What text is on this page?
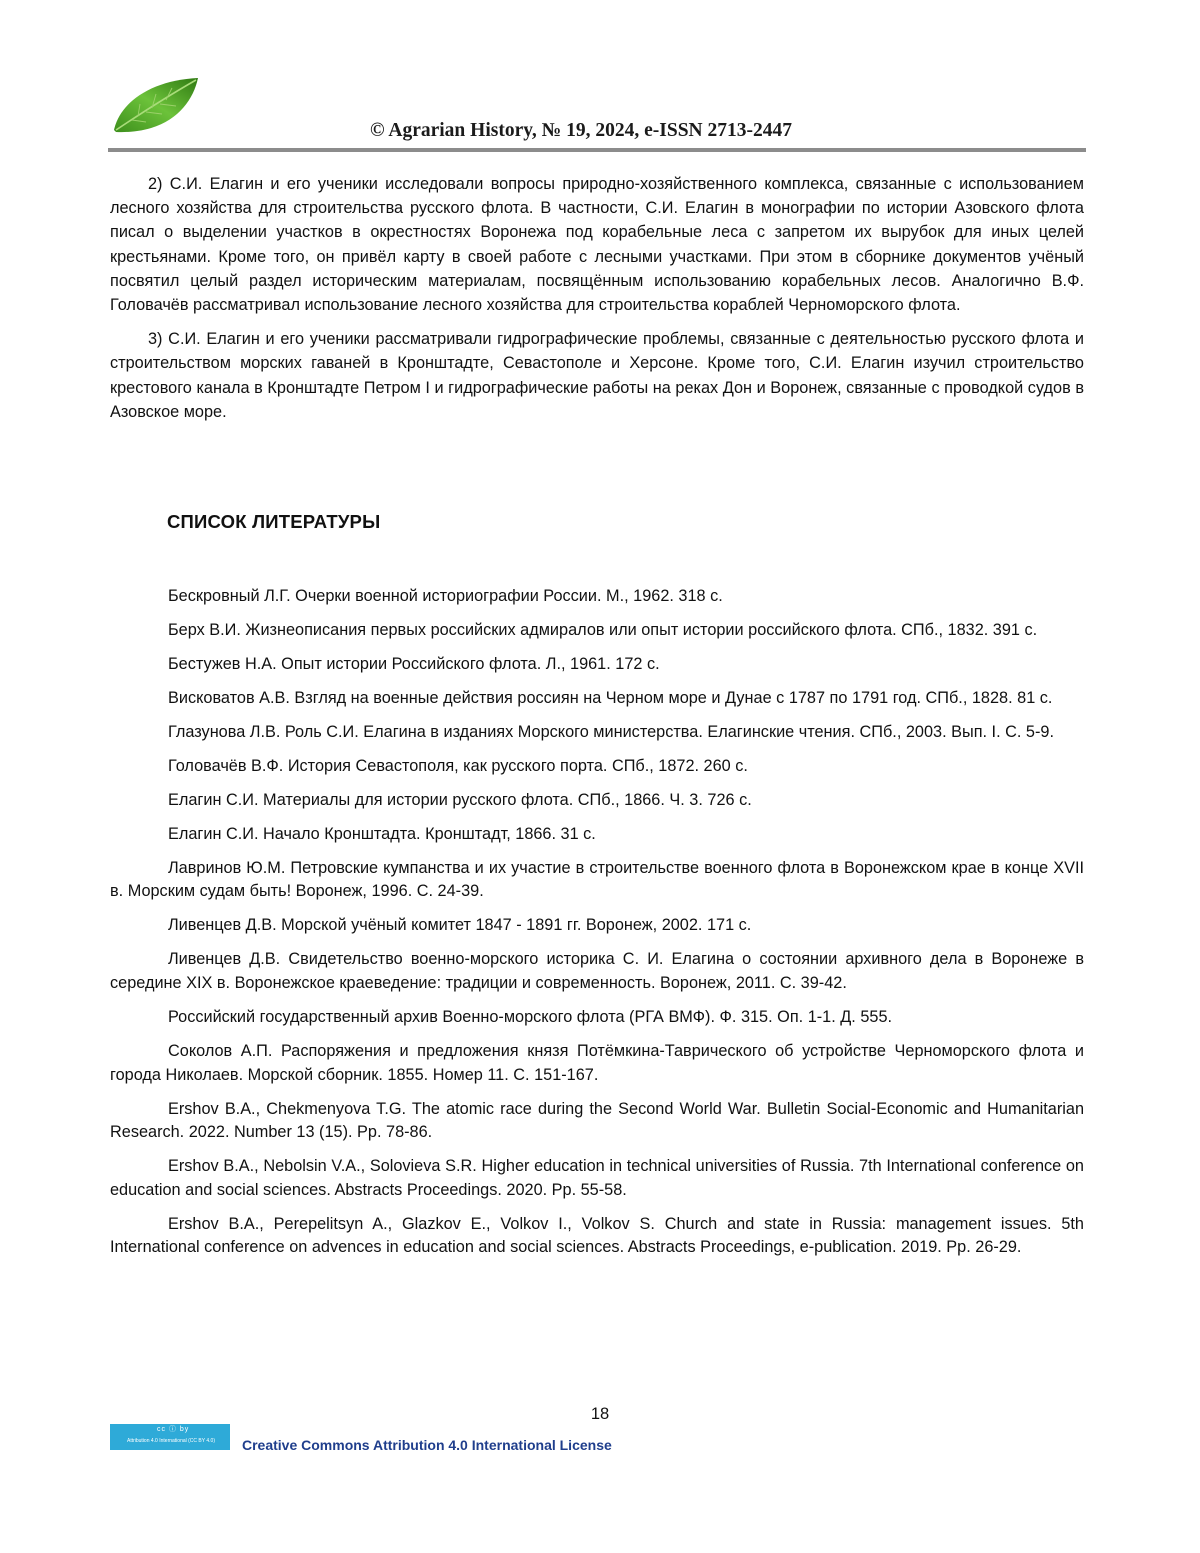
© Agrarian History, № 19, 2024, e-ISSN 2713-2447

2) С.И. Елагин и его ученики исследовали вопросы природно-хозяйственного комплекса, связанные с использованием лесного хозяйства для строительства русского флота. В частности, С.И. Елагин в монографии по истории Азовского флота писал о выделении участков в окрестностях Воронежа под корабельные леса с запретом их вырубок для иных целей крестьянами. Кроме того, он привёл карту в своей работе с лесными участками. При этом в сборнике документов учёный посвятил целый раздел историческим материалам, посвящённым использованию корабельных лесов. Аналогично В.Ф. Головачёв рассматривал использование лесного хозяйства для строительства кораблей Черноморского флота.

3) С.И. Елагин и его ученики рассматривали гидрографические проблемы, связанные с деятельностью русского флота и строительством морских гаваней в Кронштадте, Севастополе и Херсоне. Кроме того, С.И. Елагин изучил строительство крестового канала в Кронштадте Петром I и гидрографические работы на реках Дон и Воронеж, связанные с проводкой судов в Азовское море.

СПИСОК ЛИТЕРАТУРЫ

Бескровный Л.Г. Очерки военной историографии России. М., 1962. 318 с.

Берх В.И. Жизнеописания первых российских адмиралов или опыт истории российского флота. СПб., 1832. 391 с.

Бестужев Н.А. Опыт истории Российского флота. Л., 1961. 172 с.

Висковатов А.В. Взгляд на военные действия россиян на Черном море и Дунае с 1787 по 1791 год. СПб., 1828. 81 с.

Глазунова Л.В. Роль С.И. Елагина в изданиях Морского министерства. Елагинские чтения. СПб., 2003. Вып. I. С. 5-9.

Головачёв В.Ф. История Севастополя, как русского порта. СПб., 1872. 260 с.

Елагин С.И. Материалы для истории русского флота. СПб., 1866. Ч. 3. 726 с.

Елагин С.И. Начало Кронштадта. Кронштадт, 1866. 31 с.

Лавринов Ю.М. Петровские кумпанства и их участие в строительстве военного флота в Воронежском крае в конце XVII в. Морским судам быть! Воронеж, 1996. С. 24-39.

Ливенцев Д.В. Морской учёный комитет 1847 - 1891 гг. Воронеж, 2002. 171 с.

Ливенцев Д.В. Свидетельство военно-морского историка С. И. Елагина о состоянии архивного дела в Воронеже в середине XIX в. Воронежское краеведение: традиции и современность. Воронеж, 2011. С. 39-42.

Российский государственный архив Военно-морского флота (РГА ВМФ). Ф. 315. Оп. 1-1. Д. 555.

Соколов А.П. Распоряжения и предложения князя Потёмкина-Таврического об устройстве Черноморского флота и города Николаев. Морской сборник. 1855. Номер 11. С. 151-167.

Ershov B.A., Chekmenyova T.G. The atomic race during the Second World War. Bulletin Social-Economic and Humanitarian Research. 2022. Number 13 (15). Pp. 78-86.

Ershov B.A., Nebolsin V.A., Solovieva S.R. Higher education in technical universities of Russia. 7th International conference on education and social sciences. Abstracts Proceedings. 2020. Pp. 55-58.

Ershov B.A., Perepelitsyn A., Glazkov E., Volkov I., Volkov S. Church and state in Russia: management issues. 5th International conference on advences in education and social sciences. Abstracts Proceedings, e-publication. 2019. Pp. 26-29.

18
cc ⓘ by
Attribution 4.0 International (CC BY 4.0)	Creative Commons Attribution 4.0 International License
